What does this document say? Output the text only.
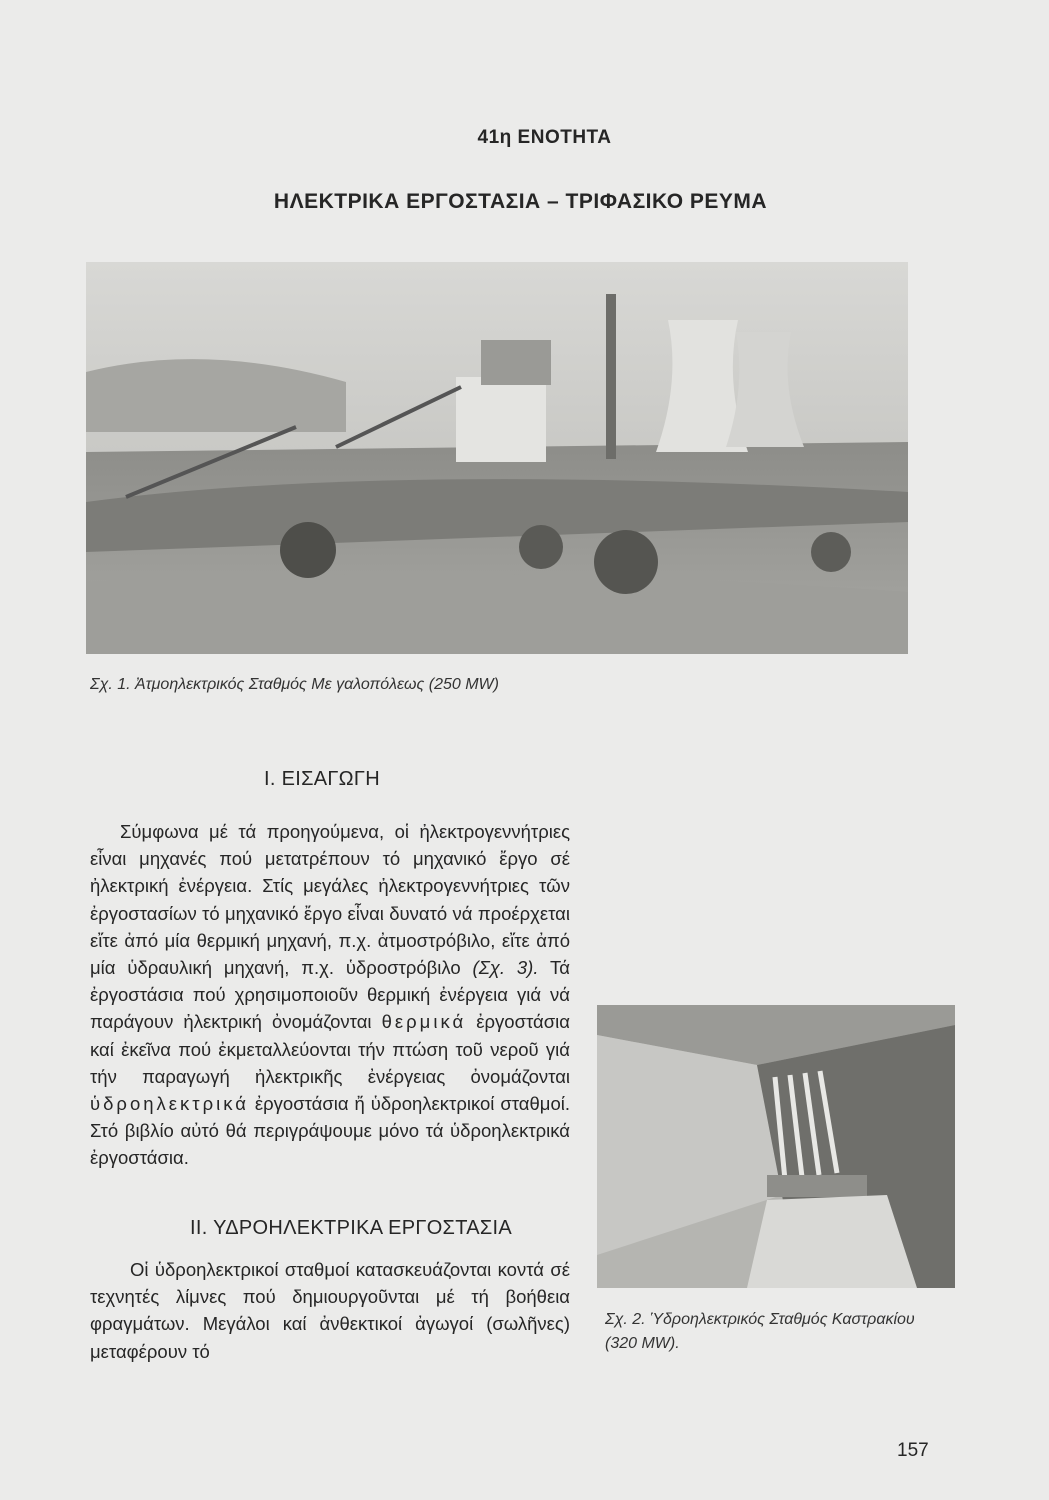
41η ΕΝΟΤΗΤΑ
ΗΛΕΚΤΡΙΚΑ ΕΡΓΟΣΤΑΣΙΑ – ΤΡΙΦΑΣΙΚΟ ΡΕΥΜΑ
Σχ. 1. Ἀτμοηλεκτρικός Σταθμός Με γαλοπόλεως (250 MW)
Ι. ΕΙΣΑΓΩΓΗ

Σύμφωνα μέ τά προηγούμενα, οἱ ἠλεκτρογεννήτριες εἶναι μηχανές πού μετατρέπουν τό μηχανικό ἔργο σέ ἠλεκτρική ἐνέργεια. Στίς μεγάλες ἠλεκτρογεννήτριες τῶν ἐργοστασίων τό μηχανικό ἔργο εἶναι δυνατό νά προέρχεται εἴτε ἀπό μία θερμική μηχανή, π.χ. ἀτμοστρόβιλο, εἴτε ἀπό μία ὑδραυλική μηχανή, π.χ. ὑδροστρόβιλο (Σχ. 3). Τά ἐργοστάσια πού χρησιμοποιοῦν θερμική ἐνέργεια γιά νά παράγουν ἠλεκτρική ὀνομάζονται θερμικά ἐργοστάσια καί ἐκεῖνα πού ἐκμεταλλεύονται τήν πτώση τοῦ νεροῦ γιά τήν παραγωγή ἠλεκτρικῆς ἐνέργειας ὀνομάζονται ὑδροηλεκτρικά ἐργοστάσια ἤ ὑδροηλεκτρικοί σταθμοί. Στό βιβλίο αὐτό θά περιγράψουμε μόνο τά ὑδροηλεκτρικά ἐργοστάσια.

ΙΙ. ΥΔΡΟΗΛΕΚΤΡΙΚΑ ΕΡΓΟΣΤΑΣΙΑ

Οἱ ὑδροηλεκτρικοί σταθμοί κατασκευάζονται κοντά σέ τεχνητές λίμνες πού δημιουργοῦνται μέ τή βοήθεια φραγμάτων. Μεγάλοι καί ἀνθεκτικοί ἀγωγοί (σωλῆνες) μεταφέρουν τό

Σχ. 2. Ὑδροηλεκτρικός Σταθμός Καστρακίου (320 MW).
157
